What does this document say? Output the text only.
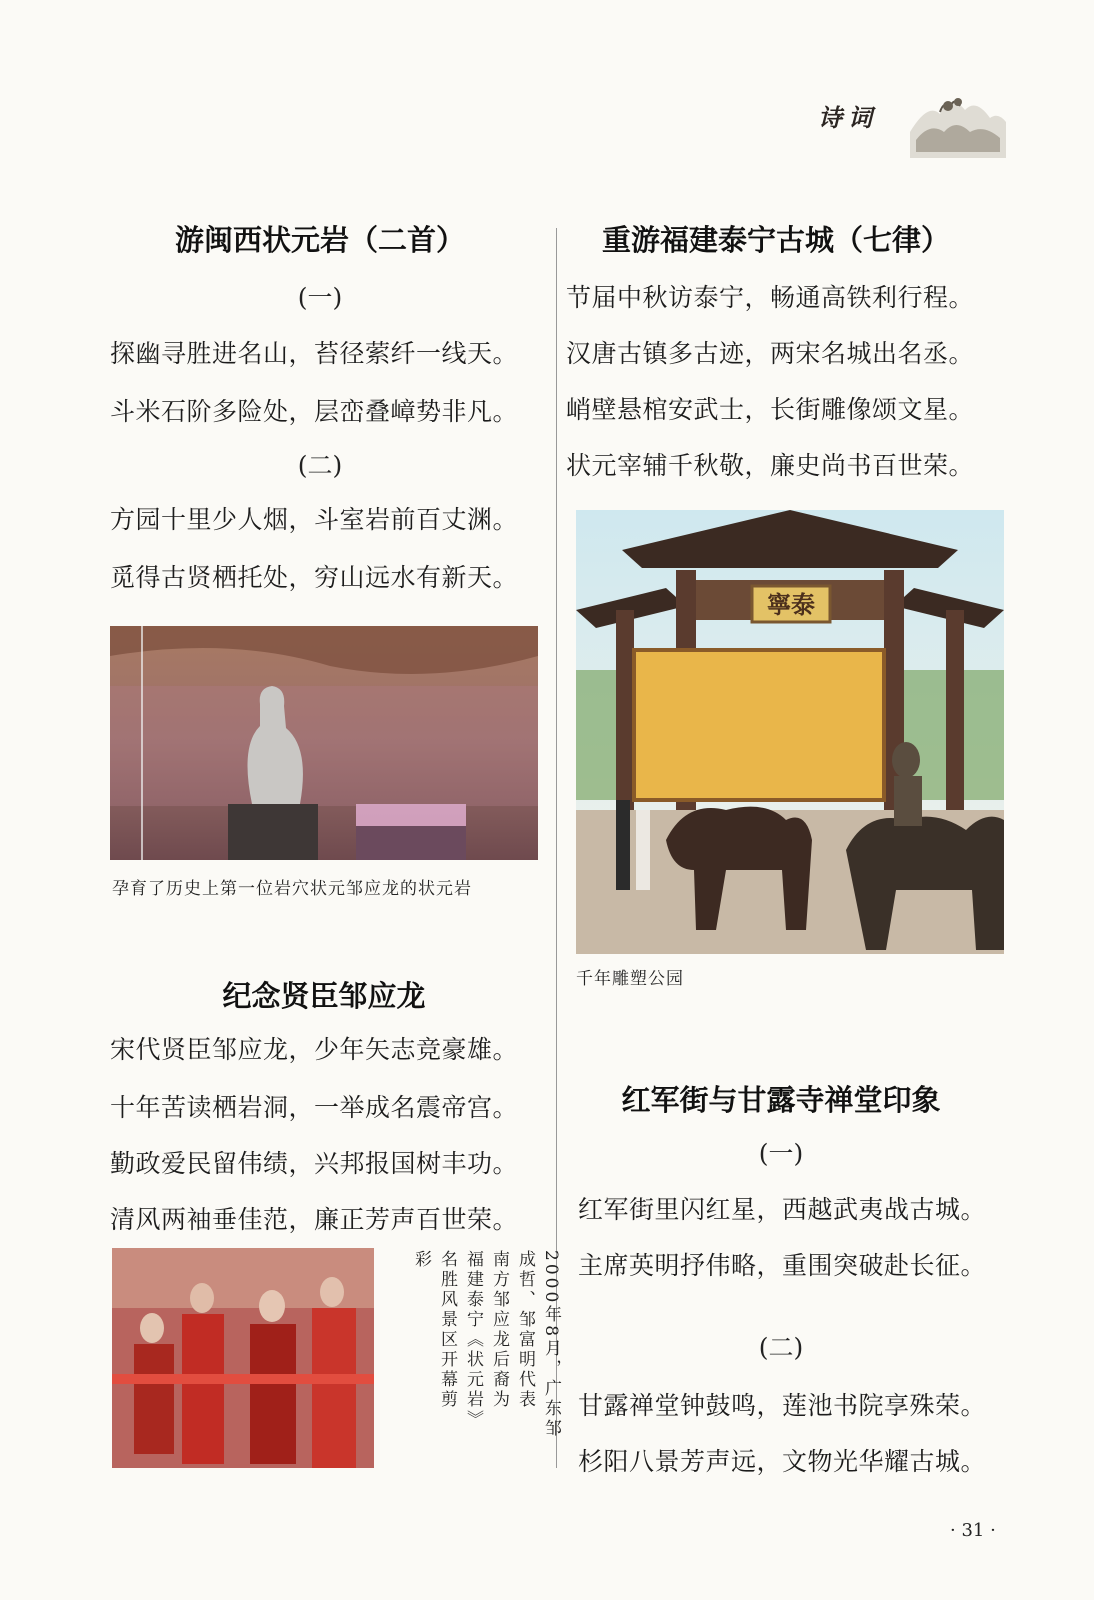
诗词
游闽西状元岩（二首）
(一)
探幽寻胜进名山，苔径萦纤一线天。
斗米石阶多险处，层峦叠嶂势非凡。
(二)
方园十里少人烟，斗室岩前百丈渊。
觅得古贤栖托处，穷山远水有新天。
孕育了历史上第一位岩穴状元邹应龙的状元岩
纪念贤臣邹应龙
宋代贤臣邹应龙，少年矢志竞豪雄。
十年苦读栖岩洞，一举成名震帝宫。
勤政爱民留伟绩，兴邦报国树丰功。
清风两袖垂佳范，廉正芳声百世荣。
2000年8月，广东邹
成哲、邹富明代表
南方邹应龙后裔为
福建泰宁《状元岩》
名胜风景区开幕剪
彩
重游福建泰宁古城（七律）
节届中秋访泰宁，畅通高铁利行程。
汉唐古镇多古迹，两宋名城出名丞。
峭壁悬棺安武士，长街雕像颂文星。
状元宰辅千秋敬，廉史尚书百世荣。
寧泰
千年雕塑公园
红军街与甘露寺禅堂印象
(一)
红军街里闪红星，西越武夷战古城。
主席英明抒伟略，重围突破赴长征。
(二)
甘露禅堂钟鼓鸣，莲池书院享殊荣。
杉阳八景芳声远，文物光华耀古城。
· 31 ·
